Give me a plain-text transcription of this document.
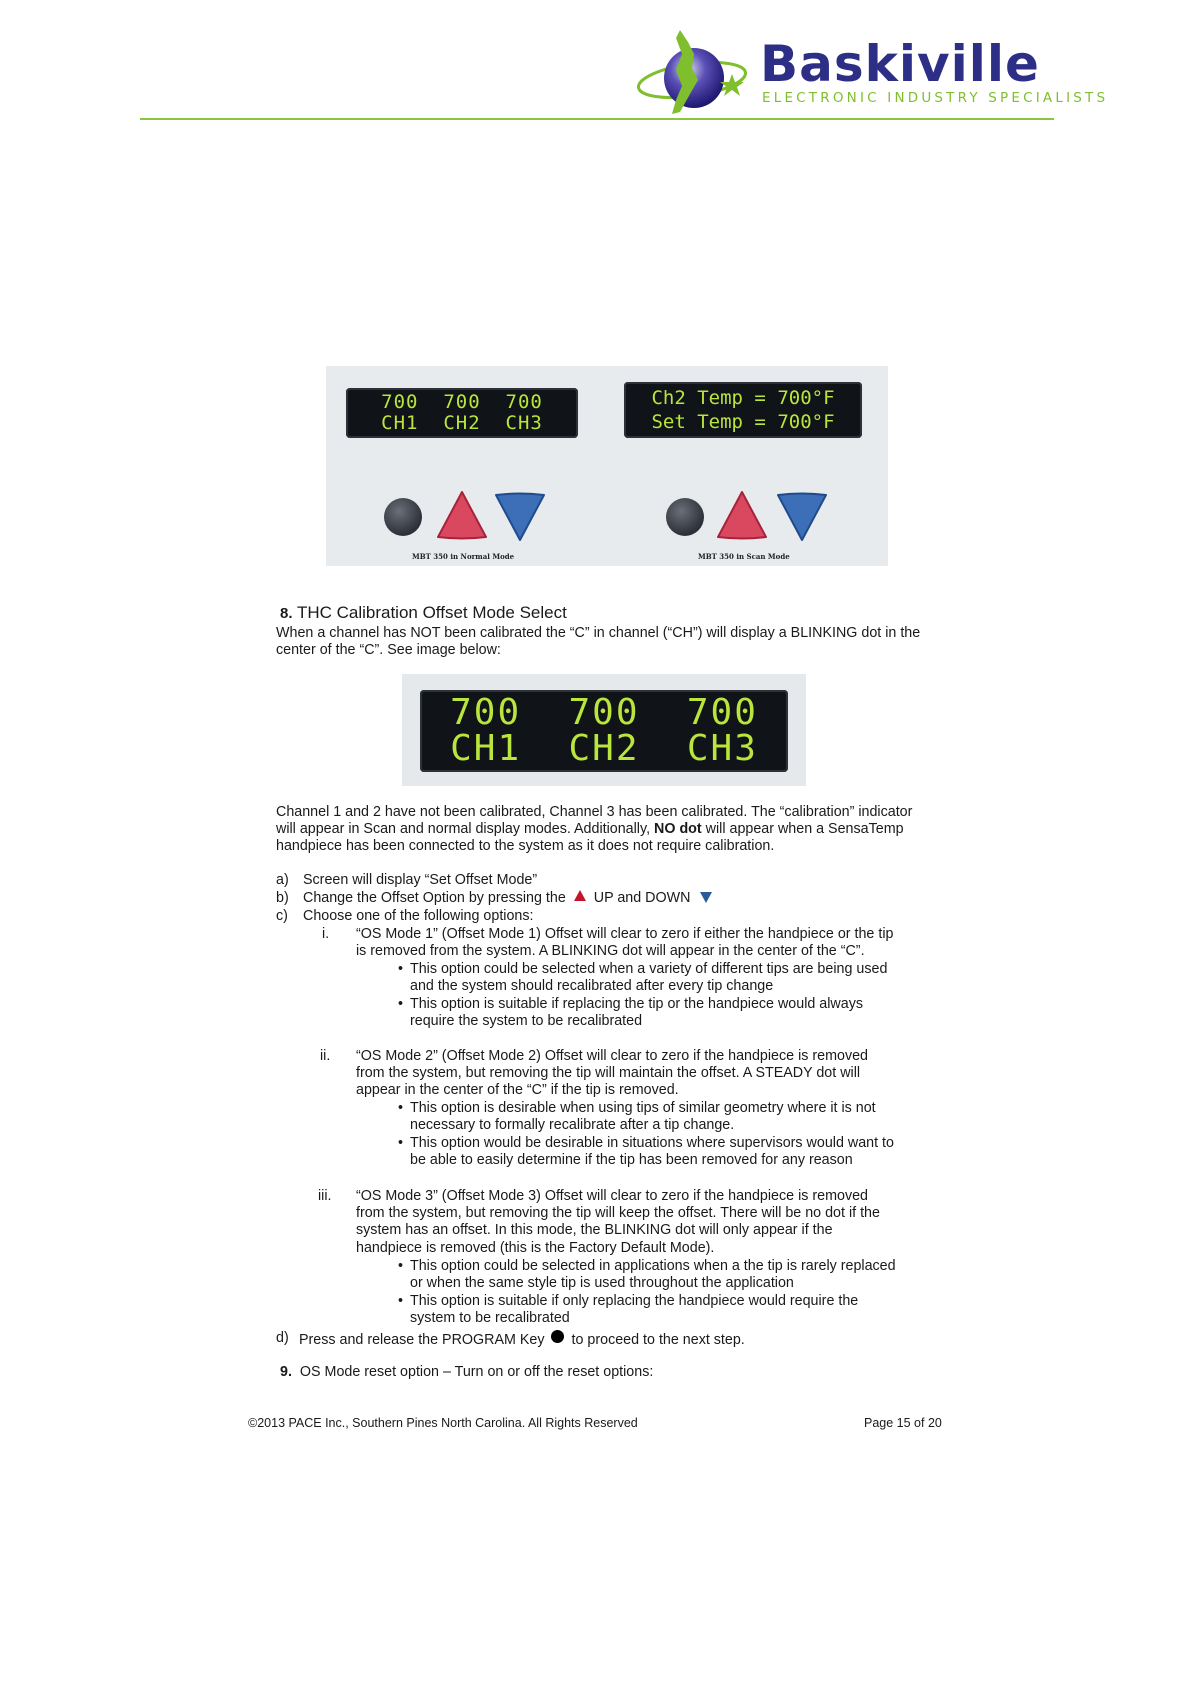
Baskiville
ELECTRONIC INDUSTRY SPECIALISTS
700  700  700
CH1  CH2  CH3
Ch2 Temp = 700°F
Set Temp = 700°F
MBT 350 in Normal Mode	MBT 350 in Scan Mode
8. THC Calibration Offset Mode Select
When a channel has NOT been calibrated the “C” in channel (“CH”) will display a BLINKING dot in the
center of the “C”. See image below:
700  700  700
CH1  CH2  CH3
Channel 1 and 2 have not been calibrated, Channel 3 has been calibrated. The “calibration” indicator
will appear in Scan and normal display modes. Additionally, NO dot will appear when a SensaTemp
handpiece has been connected to the system as it does not require calibration.
a) Screen will display “Set Offset Mode”
b) Change the Offset Option by pressing the UP and DOWN
c) Choose one of the following options:
i. “OS Mode 1” (Offset Mode 1) Offset will clear to zero if either the handpiece or the tip
is removed from the system. A BLINKING dot will appear in the center of the “C”.
• This option could be selected when a variety of different tips are being used
and the system should recalibrated after every tip change
• This option is suitable if replacing the tip or the handpiece would always
require the system to be recalibrated
ii. “OS Mode 2” (Offset Mode 2) Offset will clear to zero if the handpiece is removed
from the system, but removing the tip will maintain the offset. A STEADY dot will
appear in the center of the “C” if the tip is removed.
• This option is desirable when using tips of similar geometry where it is not
necessary to formally recalibrate after a tip change.
• This option would be desirable in situations where supervisors would want to
be able to easily determine if the tip has been removed for any reason
iii. “OS Mode 3” (Offset Mode 3) Offset will clear to zero if the handpiece is removed
from the system, but removing the tip will keep the offset. There will be no dot if the
system has an offset. In this mode, the BLINKING dot will only appear if the
handpiece is removed (this is the Factory Default Mode).
• This option could be selected in applications when a the tip is rarely replaced
or when the same style tip is used throughout the application
• This option is suitable if only replacing the handpiece would require the
system to be recalibrated
d) Press and release the PROGRAM Key to proceed to the next step.
9. OS Mode reset option – Turn on or off the reset options:
©2013 PACE Inc., Southern Pines North Carolina. All Rights Reserved	Page 15 of 20
